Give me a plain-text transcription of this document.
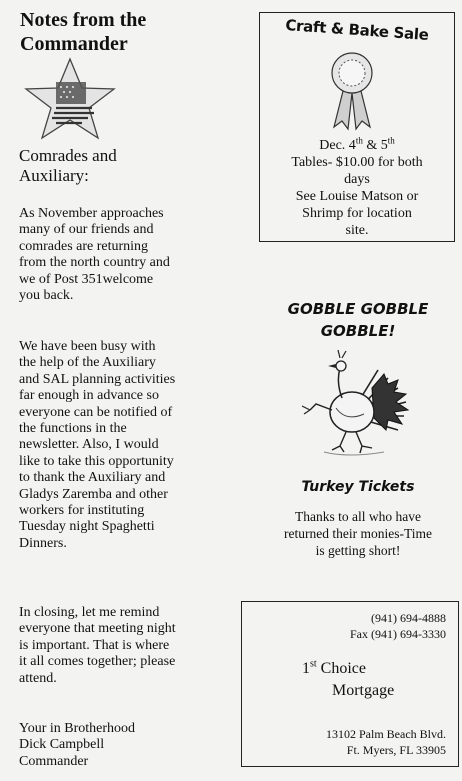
Notes from the
Commander
Comrades and
Auxiliary:
As November approaches
many of our friends and
comrades are returning
from the north country and
we of Post 351welcome
you back.
We have been busy with
the help of the Auxiliary
and SAL planning activities
far enough in advance so
everyone can be notified of
the functions in the
newsletter. Also, I would
like to take this opportunity
to thank the Auxiliary and
Gladys Zaremba and other
workers for instituting
Tuesday night Spaghetti
Dinners.
In closing, let me remind
everyone that meeting night
is important. That is where
it all comes together; please
attend.
Your in Brotherhood
Dick Campbell
Commander
Craft & Bake Sale
Dec. 4th & 5th
Tables- $10.00 for both
days
See Louise Matson or
Shrimp for location
site.
GOBBLE GOBBLE
GOBBLE!
Turkey Tickets
Thanks to all who have
returned their monies-Time
is getting short!
(941) 694-4888
Fax (941) 694-3330
1st Choice
Mortgage
13102 Palm Beach Blvd.
Ft. Myers, FL 33905
